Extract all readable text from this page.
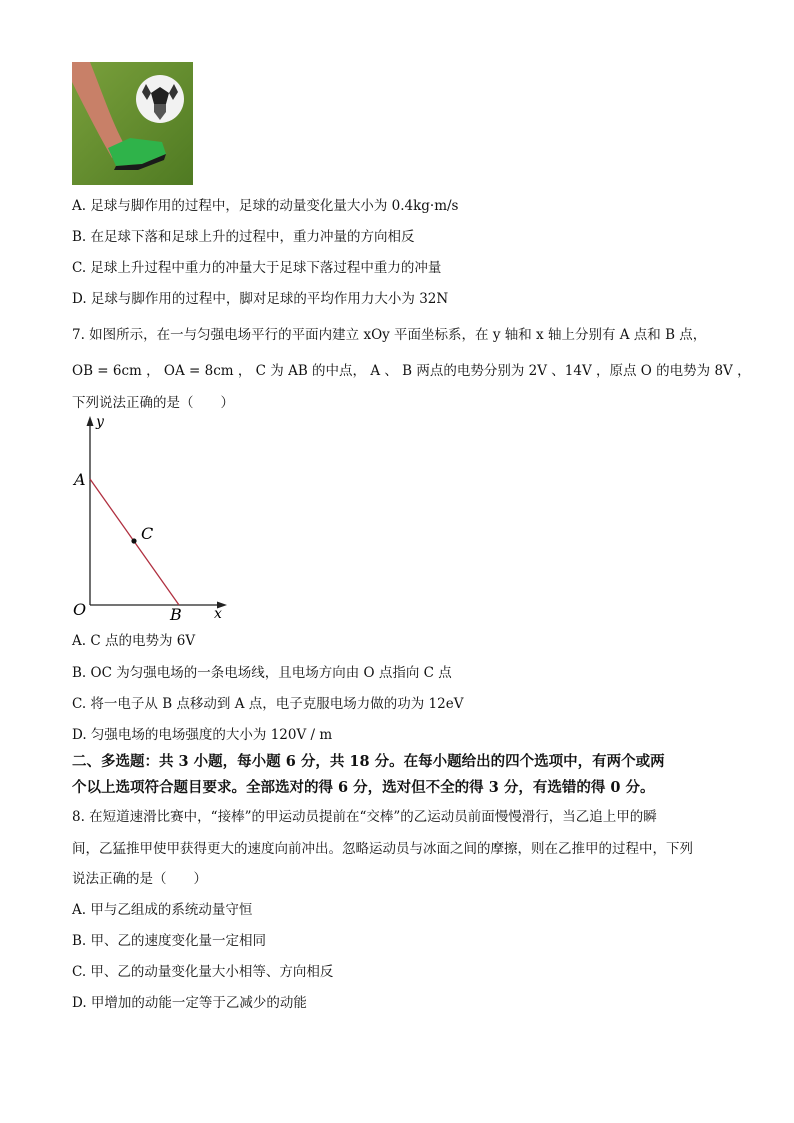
A. 足球与脚作用的过程中，足球的动量变化量大小为 0.4kg·m/s
B. 在足球下落和足球上升的过程中，重力冲量的方向相反
C. 足球上升过程中重力的冲量大于足球下落过程中重力的冲量
D. 足球与脚作用的过程中，脚对足球的平均作用力大小为 32N
7. 如图所示，在一与匀强电场平行的平面内建立 xOy 平面坐标系，在 y 轴和 x 轴上分别有 A 点和 B 点，
OB = 6cm ， OA = 8cm ， C 为 AB 的中点， A 、 B 两点的电势分别为 2V 、14V ，原点 O 的电势为 8V ，
下列说法正确的是（　　）
y
A
C
O	B x
A. C 点的电势为 6V
B. OC 为匀强电场的一条电场线，且电场方向由 O 点指向 C 点
C. 将一电子从 B 点移动到 A 点，电子克服电场力做的功为 12eV
D. 匀强电场的电场强度的大小为 120V / m
二、多选题：共 3 小题，每小题 6 分，共 18 分。在每小题给出的四个选项中，有两个或两
个以上选项符合题目要求。全部选对的得 6 分，选对但不全的得 3 分，有选错的得 0 分。
8. 在短道速滑比赛中，“接棒”的甲运动员提前在“交棒”的乙运动员前面慢慢滑行，当乙追上甲的瞬
间，乙猛推甲使甲获得更大的速度向前冲出。忽略运动员与冰面之间的摩擦，则在乙推甲的过程中，下列
说法正确的是（　　）
A. 甲与乙组成的系统动量守恒
B. 甲、乙的速度变化量一定相同
C. 甲、乙的动量变化量大小相等、方向相反
D. 甲增加的动能一定等于乙减少的动能
